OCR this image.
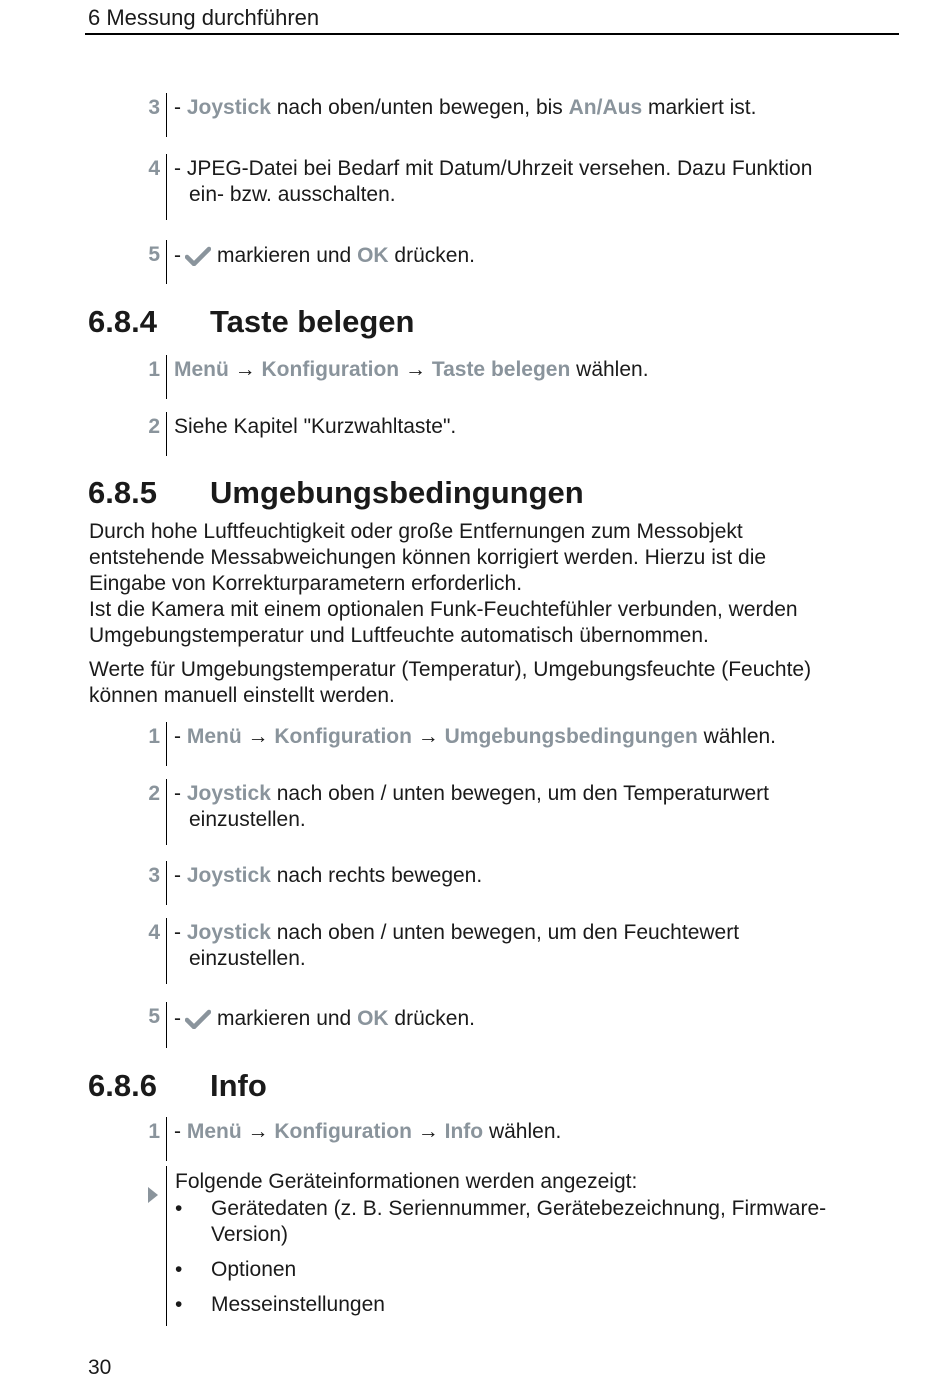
6 Messung durchführen
3 - Joystick nach oben/unten bewegen, bis An/Aus markiert ist.
4 - JPEG-Datei bei Bedarf mit Datum/Uhrzeit versehen. Dazu Funktion
ein- bzw. ausschalten.
5 - markieren und OK drücken.
6.8.4 Taste belegen
1 Menü → Konfiguration → Taste belegen wählen.
2 Siehe Kapitel "Kurzwahltaste".
6.8.5 Umgebungsbedingungen
Durch hohe Luftfeuchtigkeit oder große Entfernungen zum Messobjekt
entstehende Messabweichungen können korrigiert werden. Hierzu ist die
Eingabe von Korrekturparametern erforderlich.
Ist die Kamera mit einem optionalen Funk-Feuchtefühler verbunden, werden
Umgebungstemperatur und Luftfeuchte automatisch übernommen.
Werte für Umgebungstemperatur (Temperatur), Umgebungsfeuchte (Feuchte)
können manuell einstellt werden.
1 - Menü → Konfiguration → Umgebungsbedingungen wählen.
2 - Joystick nach oben / unten bewegen, um den Temperaturwert
einzustellen.
3 - Joystick nach rechts bewegen.
4 - Joystick nach oben / unten bewegen, um den Feuchtewert
einzustellen.
5 - markieren und OK drücken.
6.8.6 Info
1 - Menü → Konfiguration → Info wählen.
Folgende Geräteinformationen werden angezeigt:
• Gerätedaten (z. B. Seriennummer, Gerätebezeichnung, Firmware-
Version)
• Optionen
• Messeinstellungen
30
